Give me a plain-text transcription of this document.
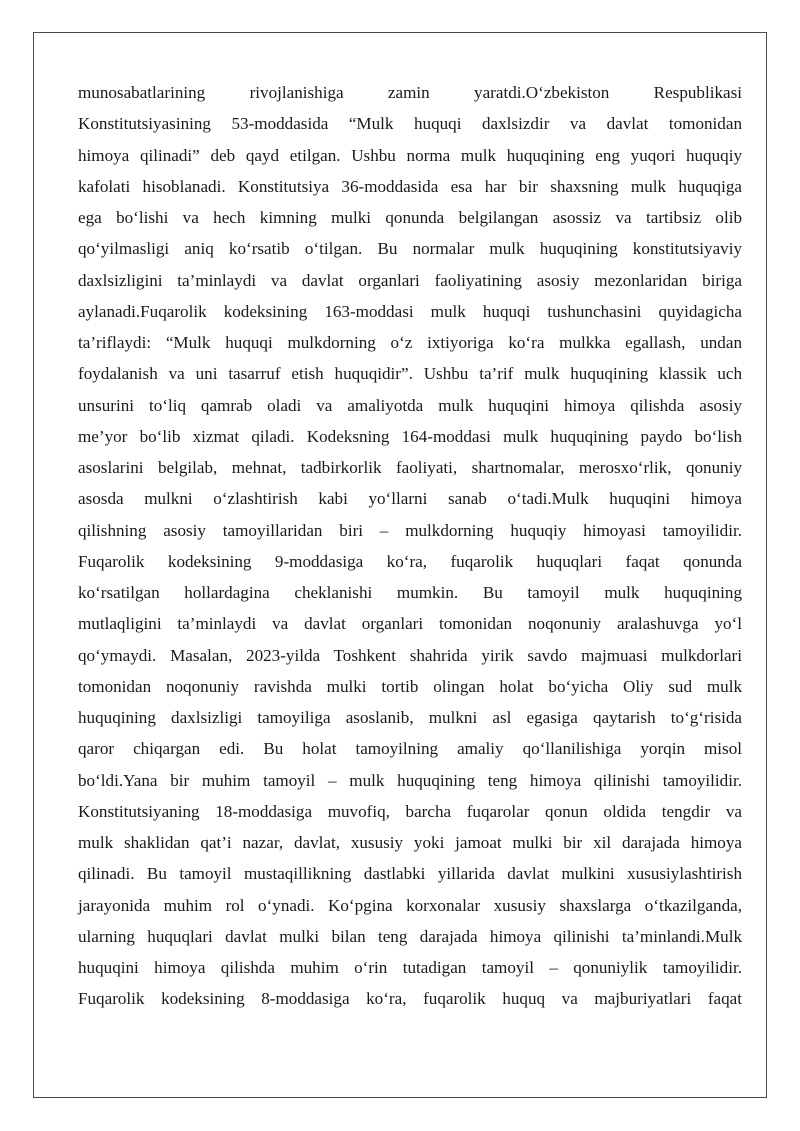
munosabatlarining rivojlanishiga zamin yaratdi.O‘zbekiston Respublikasi
Konstitutsiyasining 53-moddasida “Mulk huquqi daxlsizdir va davlat tomonidan
himoya qilinadi” deb qayd etilgan. Ushbu norma mulk huquqining eng yuqori huquqiy
kafolati hisoblanadi. Konstitutsiya 36-moddasida esa har bir shaxsning mulk huquqiga
ega bo‘lishi va hech kimning mulki qonunda belgilangan asossiz va tartibsiz olib
qo‘yilmasligi aniq ko‘rsatib o‘tilgan. Bu normalar mulk huquqining konstitutsiyaviy
daxlsizligini ta’minlaydi va davlat organlari faoliyatining asosiy mezonlaridan biriga
aylanadi.Fuqarolik kodeksining 163-moddasi mulk huquqi tushunchasini quyidagicha
ta’riflaydi: “Mulk huquqi mulkdorning o‘z ixtiyoriga ko‘ra mulkka egallash, undan
foydalanish va uni tasarruf etish huquqidir”. Ushbu ta’rif mulk huquqining klassik uch
unsurini to‘liq qamrab oladi va amaliyotda mulk huquqini himoya qilishda asosiy
me’yor bo‘lib xizmat qiladi. Kodeksning 164-moddasi mulk huquqining paydo bo‘lish
asoslarini belgilab, mehnat, tadbirkorlik faoliyati, shartnomalar, merosxo‘rlik, qonuniy
asosda mulkni o‘zlashtirish kabi yo‘llarni sanab o‘tadi.Mulk huquqini himoya
qilishning asosiy tamoyillaridan biri – mulkdorning huquqiy himoyasi tamoyilidir.
Fuqarolik kodeksining 9-moddasiga ko‘ra, fuqarolik huquqlari faqat qonunda
ko‘rsatilgan hollardagina cheklanishi mumkin. Bu tamoyil mulk huquqining
mutlaqligini ta’minlaydi va davlat organlari tomonidan noqonuniy aralashuvga yo‘l
qo‘ymaydi. Masalan, 2023-yilda Toshkent shahrida yirik savdo majmuasi mulkdorlari
tomonidan noqonuniy ravishda mulki tortib olingan holat bo‘yicha Oliy sud mulk
huquqining daxlsizligi tamoyiliga asoslanib, mulkni asl egasiga qaytarish to‘g‘risida
qaror chiqargan edi. Bu holat tamoyilning amaliy qo‘llanilishiga yorqin misol
bo‘ldi.Yana bir muhim tamoyil – mulk huquqining teng himoya qilinishi tamoyilidir.
Konstitutsiyaning 18-moddasiga muvofiq, barcha fuqarolar qonun oldida tengdir va
mulk shaklidan qat’i nazar, davlat, xususiy yoki jamoat mulki bir xil darajada himoya
qilinadi. Bu tamoyil mustaqillikning dastlabki yillarida davlat mulkini xususiylashtirish
jarayonida muhim rol o‘ynadi. Ko‘pgina korxonalar xususiy shaxslarga o‘tkazilganda,
ularning huquqlari davlat mulki bilan teng darajada himoya qilinishi ta’minlandi.Mulk
huquqini himoya qilishda muhim o‘rin tutadigan tamoyil – qonuniylik tamoyilidir.
Fuqarolik kodeksining 8-moddasiga ko‘ra, fuqarolik huquq va majburiyatlari faqat
